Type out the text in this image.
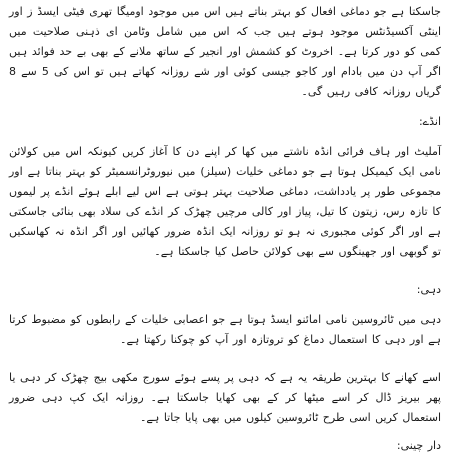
جاسکتا ہے جو دماغی افعال کو بہتر بناتے ہیں اس میں موجود اومیگا تھری فیٹی ایسڈ ز اور اینٹی آکسیڈنٹس موجود ہوتے ہیں جب کہ اس میں شامل وٹامن ای ذہنی صلاحیت میں کمی کو دور کرتا ہے۔ اخروٹ کو کشمش اور انجیر کے ساتھ ملانے کے بھی بے حد فوائد ہیں اگر آپ دن میں بادام اور کاجو جیسی کوئی اور شے روزانہ کھاتے ہیں تو اس کی 5 سے 8 گریاں روزانہ کافی رہیں گی۔

انڈے:

آملیٹ اور ہاف فرائی انڈہ ناشتے میں کھا کر اپنے دن کا آغاز کریں کیونکہ اس میں کولائن نامی ایک کیمیکل ہوتا ہے جو دماغی خلیات (سیلز) میں نیوروٹرانسمیٹر کو بہتر بناتا ہے اور مجموعی طور پر یادداشت، دماغی صلاحیت بہتر ہوتی ہے اس لیے ابلے ہوئے انڈے پر لیموں کا تازہ رس، زیتون کا تیل، پیاز اور کالی مرچیں چھڑک کر انڈے کی سلاد بھی بنائی جاسکتی ہے اور اگر کوئی مجبوری نہ ہو تو روزانہ ایک انڈہ ضرور کھائیں اور اگر انڈہ نہ کھاسکیں تو گوبھی اور جھینگوں سے بھی کولائن حاصل کیا جاسکتا ہے۔

دہی:

دہی میں ٹائروسین نامی امائنو ایسڈ ہوتا ہے جو اعصابی خلیات کے رابطوں کو مضبوط کرتا ہے اور دہی کا استعمال دماغ کو تروتازہ اور آپ کو چوکنا رکھتا ہے۔

اسے کھانے کا بہترین طریقہ یہ ہے کہ دہی پر پسے ہوئے سورج مکھی بیج چھڑک کر دہی یا پھر بیریز ڈال کر اسے میٹھا کر کے بھی کھایا جاسکتا ہے۔ روزانہ ایک کپ دہی ضرور استعمال کریں اسی طرح ٹائروسین کیلوں میں بھی پایا جاتا ہے۔

دار چینی:
